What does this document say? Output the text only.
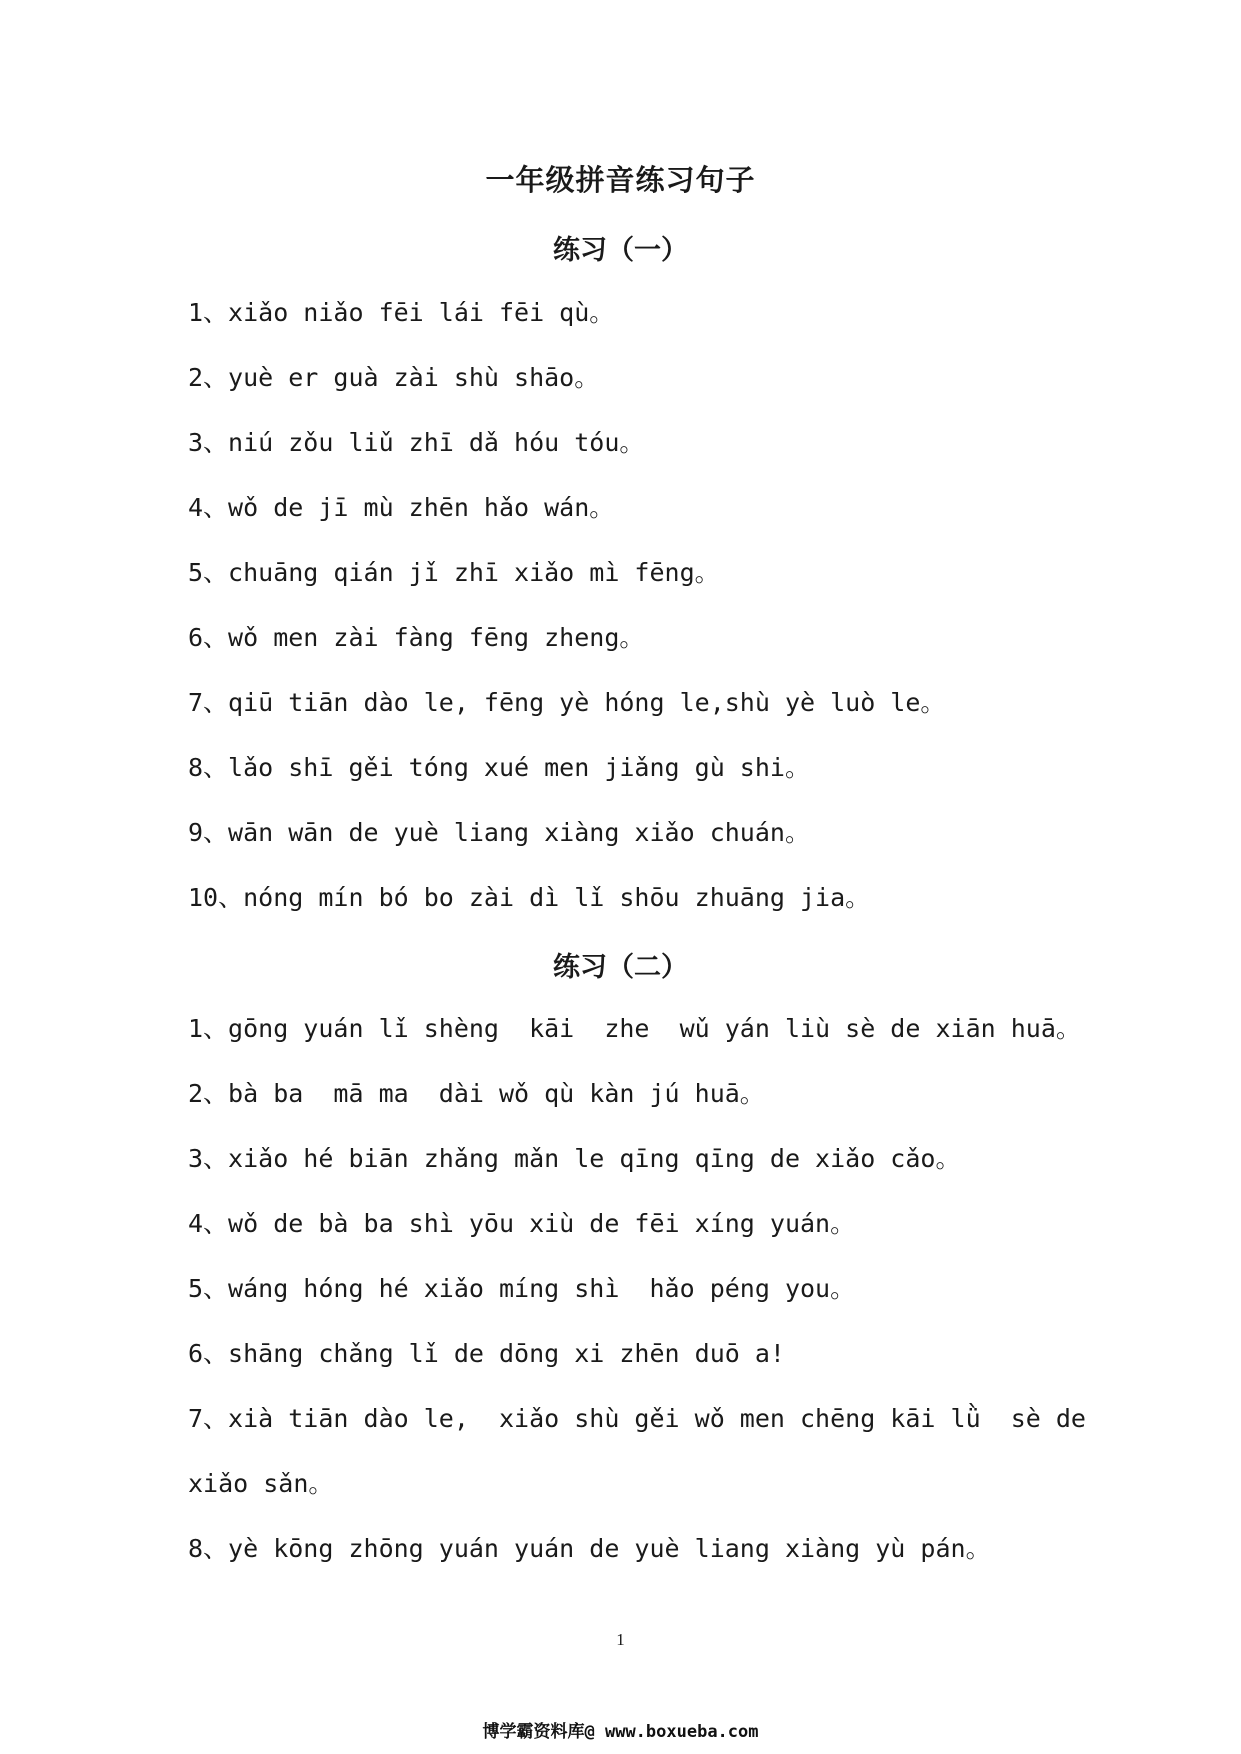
一年级拼音练习句子
练习（一）
1、xiǎo niǎo fēi lái fēi qù。
2、yuè er guà zài shù shāo。
3、niú zǒu liǔ zhī dǎ hóu tóu。
4、wǒ de jī mù zhēn hǎo wán。
5、chuāng qián jǐ zhī xiǎo mì fēng。
6、wǒ men zài fàng fēng zheng。
7、qiū tiān dào le, fēng yè hóng le,shù yè luò le。
8、lǎo shī gěi tóng xué men jiǎng gù shi。
9、wān wān de yuè liang xiàng xiǎo chuán。
10、nóng mín bó bo zài dì lǐ shōu zhuāng jia。
练习（二）
1、gōng yuán lǐ shèng  kāi  zhe  wǔ yán liù sè de xiān huā。
2、bà ba  mā ma  dài wǒ qù kàn jú huā。
3、xiǎo hé biān zhǎng mǎn le qīng qīng de xiǎo cǎo。
4、wǒ de bà ba shì yōu xiù de fēi xíng yuán。
5、wáng hóng hé xiǎo míng shì  hǎo péng you。
6、shāng chǎng lǐ de dōng xi zhēn duō a!
7、xià tiān dào le,  xiǎo shù gěi wǒ men chēng kāi lǜ  sè de
xiǎo sǎn。
8、yè kōng zhōng yuán yuán de yuè liang xiàng yù pán。
1
博学霸资料库@ www.boxueba.com
